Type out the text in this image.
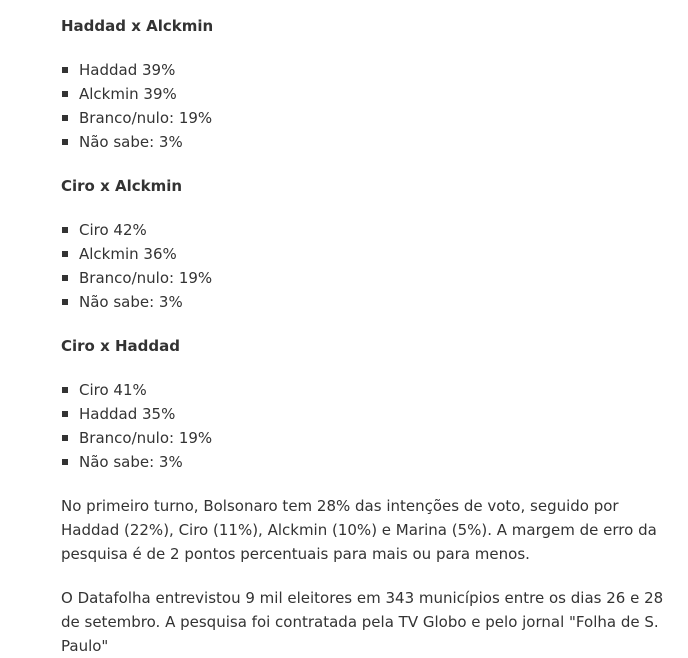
Haddad x Alckmin
Haddad 39%
Alckmin 39%
Branco/nulo: 19%
Não sabe: 3%
Ciro x Alckmin
Ciro 42%
Alckmin 36%
Branco/nulo: 19%
Não sabe: 3%
Ciro x Haddad
Ciro 41%
Haddad 35%
Branco/nulo: 19%
Não sabe: 3%

No primeiro turno, Bolsonaro tem 28% das intenções de voto, seguido por Haddad (22%), Ciro (11%), Alckmin (10%) e Marina (5%). A margem de erro da pesquisa é de 2 pontos percentuais para mais ou para menos.

O Datafolha entrevistou 9 mil eleitores em 343 municípios entre os dias 26 e 28 de setembro. A pesquisa foi contratada pela TV Globo e pelo jornal "Folha de S. Paulo"
